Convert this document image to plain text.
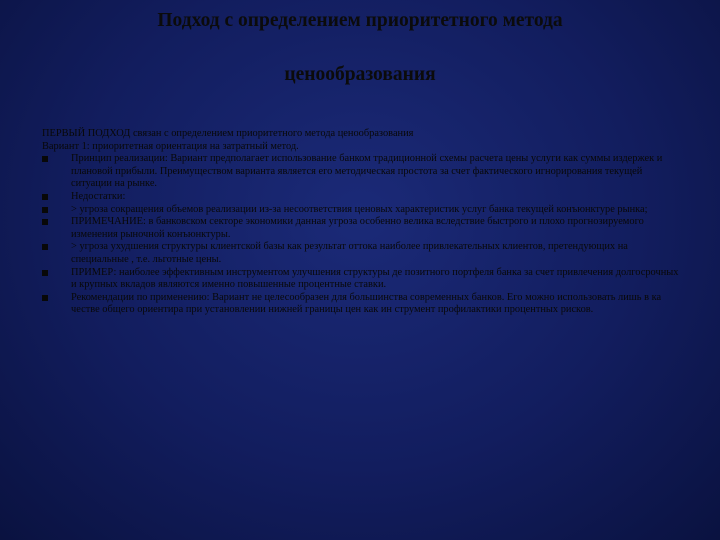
Подход с определением приоритетного метода
ценообразования

ПЕРВЫЙ ПОДХОД связан с определением приоритетного метода ценообразования

Вариант 1: приоритетная ориентация на затратный метод.

Принцип реализации: Вариант предполагает использование банком традиционной схемы расчета цены услуги как суммы издержек и плановой прибыли. Преимуществом варианта является его методическая простота за счет фактического игнорирования текущей ситуации на рынке.
Недостатки:
> угроза сокращения объемов реализации из-за несоответствия ценовых характеристик услуг банка текущей конъюнктуре рынка;
ПРИМЕЧАНИЕ: в банковском секторе экономики данная угроза особенно велика вследствие быстрого и плохо прогнозируемого изменения рыночной конъюнктуры.
> угроза ухудшения структуры клиентской базы как результат оттока наиболее привлекательных клиентов, претендующих на специальные , т.е. льготные цены.
ПРИМЕР: наиболее эффективным инструментом улучшения структуры де позитного портфеля банка за счет привлечения долгосрочных и крупных вкладов являются именно повышенные процентные ставки.
Рекомендации по применению: Вариант не целесообразен для большинства современных банков. Его можно использовать лишь в ка честве общего ориентира при установлении нижней границы цен как ин струмент профилактики процентных рисков.
